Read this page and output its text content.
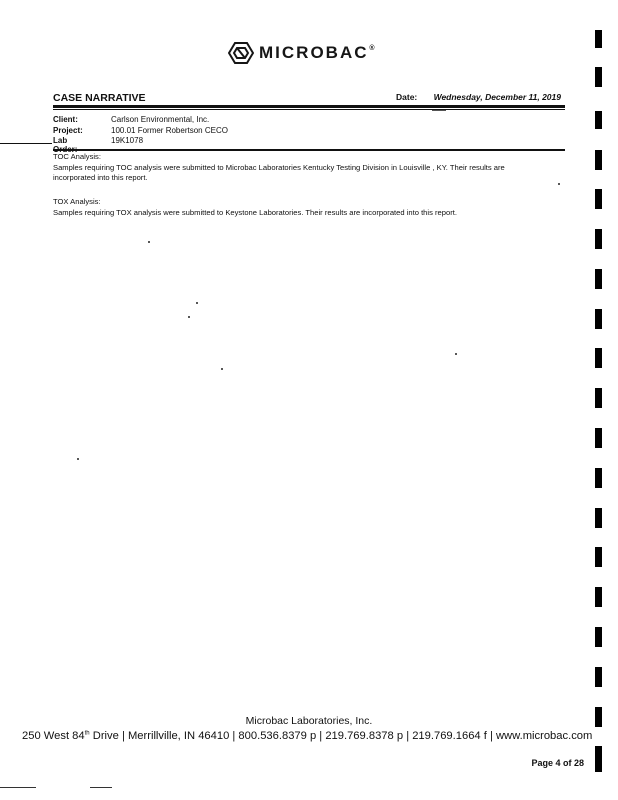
MICROBAC ®
CASE NARRATIVE	Date: Wednesday, December 11, 2019
Client:	Carlson Environmental, Inc.
Project:	100.01 Former Robertson CECO
Lab	19K1078
TOC Analysis:
Samples requiring TOC analysis were submitted to Microbac Laboratories Kentucky Testing Division in Louisville , KY. Their results are incorporated into this report.
TOX Analysis:
Samples requiring TOX analysis were submitted to Keystone Laboratories. Their results are incorporated into this report.
Microbac Laboratories, Inc.
250 West 84th Drive | Merrillville, IN 46410 | 800.536.8379 p | 219.769.8378 p | 219.769.1664 f | www.microbac.com
Page 4 of 28
